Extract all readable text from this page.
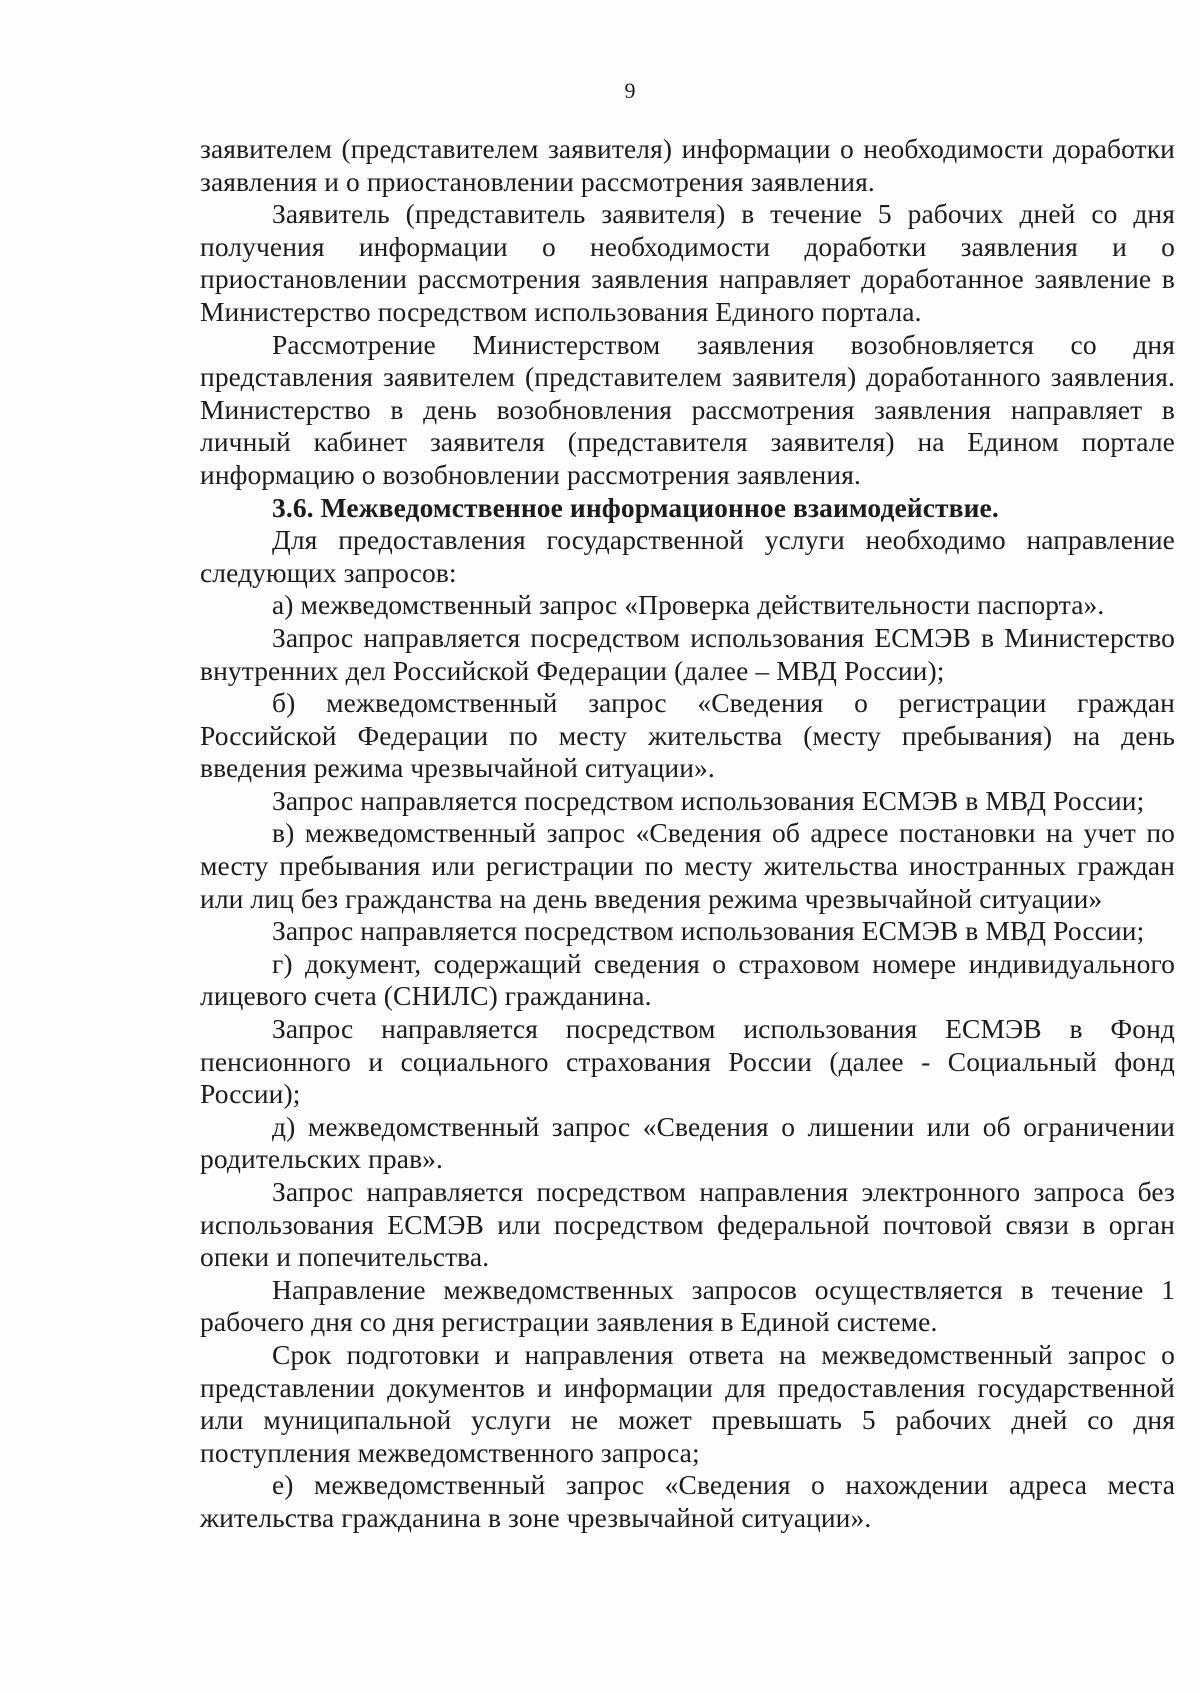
9

заявителем (представителем заявителя) информации о необходимости доработки заявления и о приостановлении рассмотрения заявления.

Заявитель (представитель заявителя) в течение 5 рабочих дней со дня получения информации о необходимости доработки заявления и о приостановлении рассмотрения заявления направляет доработанное заявление в Министерство посредством использования Единого портала.

Рассмотрение Министерством заявления возобновляется со дня представления заявителем (представителем заявителя) доработанного заявления. Министерство в день возобновления рассмотрения заявления направляет в личный кабинет заявителя (представителя заявителя) на Едином портале информацию о возобновлении рассмотрения заявления.

3.6. Межведомственное информационное взаимодействие.

Для предоставления государственной услуги необходимо направление следующих запросов:

а) межведомственный запрос «Проверка действительности паспорта».

Запрос направляется посредством использования ЕСМЭВ в Министерство внутренних дел Российской Федерации (далее – МВД России);

б) межведомственный запрос «Сведения о регистрации граждан Российской Федерации по месту жительства (месту пребывания) на день введения режима чрезвычайной ситуации».

Запрос направляется посредством использования ЕСМЭВ в МВД России;

в) межведомственный запрос «Сведения об адресе постановки на учет по месту пребывания или регистрации по месту жительства иностранных граждан или лиц без гражданства на день введения режима чрезвычайной ситуации»

Запрос направляется посредством использования ЕСМЭВ в МВД России;

г) документ, содержащий сведения о страховом номере индивидуального лицевого счета (СНИЛС) гражданина.

Запрос направляется посредством использования ЕСМЭВ в Фонд пенсионного и социального страхования России (далее - Социальный фонд России);

д) межведомственный запрос «Сведения о лишении или об ограничении родительских прав».

Запрос направляется посредством направления электронного запроса без использования ЕСМЭВ или посредством федеральной почтовой связи в орган опеки и попечительства.

Направление межведомственных запросов осуществляется в течение 1 рабочего дня со дня регистрации заявления в Единой системе.

Срок подготовки и направления ответа на межведомственный запрос о представлении документов и информации для предоставления государственной или муниципальной услуги не может превышать 5 рабочих дней со дня поступления межведомственного запроса;

е) межведомственный запрос «Сведения о нахождении адреса места жительства гражданина в зоне чрезвычайной ситуации».
